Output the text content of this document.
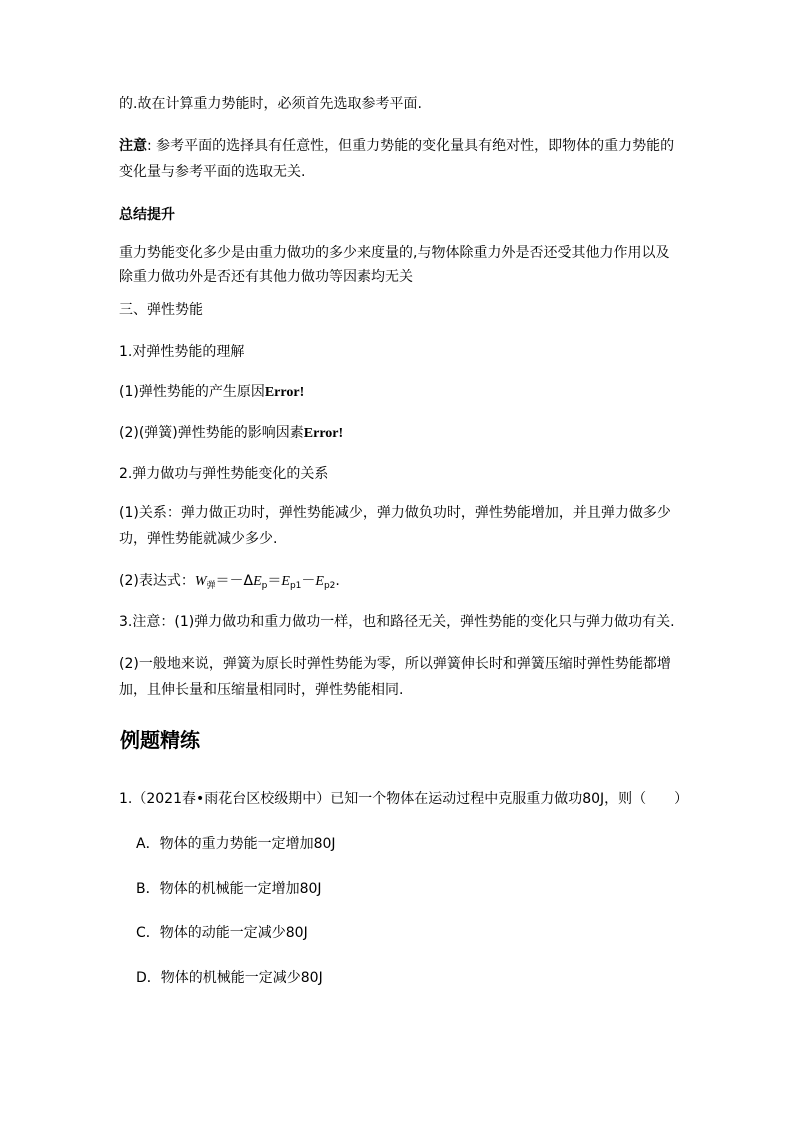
的.故在计算重力势能时，必须首先选取参考平面.
注意: 参考平面的选择具有任意性，但重力势能的变化量具有绝对性，即物体的重力势能的
变化量与参考平面的选取无关.
总结提升
重力势能变化多少是由重力做功的多少来度量的,与物体除重力外是否还受其他力作用以及
除重力做功外是否还有其他力做功等因素均无关
三、弹性势能
1.对弹性势能的理解
(1)弹性势能的产生原因Error!
(2)(弹簧)弹性势能的影响因素Error!
2.弹力做功与弹性势能变化的关系
(1)关系：弹力做正功时，弹性势能减少，弹力做负功时，弹性势能增加，并且弹力做多少
功，弹性势能就减少多少.
(2)表达式：$W_弹=-\Delta E_p=E_{p1}-E_{p2}$.
3.注意：(1)弹力做功和重力做功一样，也和路径无关，弹性势能的变化只与弹力做功有关.
(2)一般地来说，弹簧为原长时弹性势能为零，所以弹簧伸长时和弹簧压缩时弹性势能都增
加，且伸长量和压缩量相同时，弹性势能相同.
例题精练
1.（2021春•雨花台区校级期中）已知一个物体在运动过程中克服重力做功80J，则（　　）
A．物体的重力势能一定增加80J
B．物体的机械能一定增加80J
C．物体的动能一定减少80J
D．物体的机械能一定减少80J
